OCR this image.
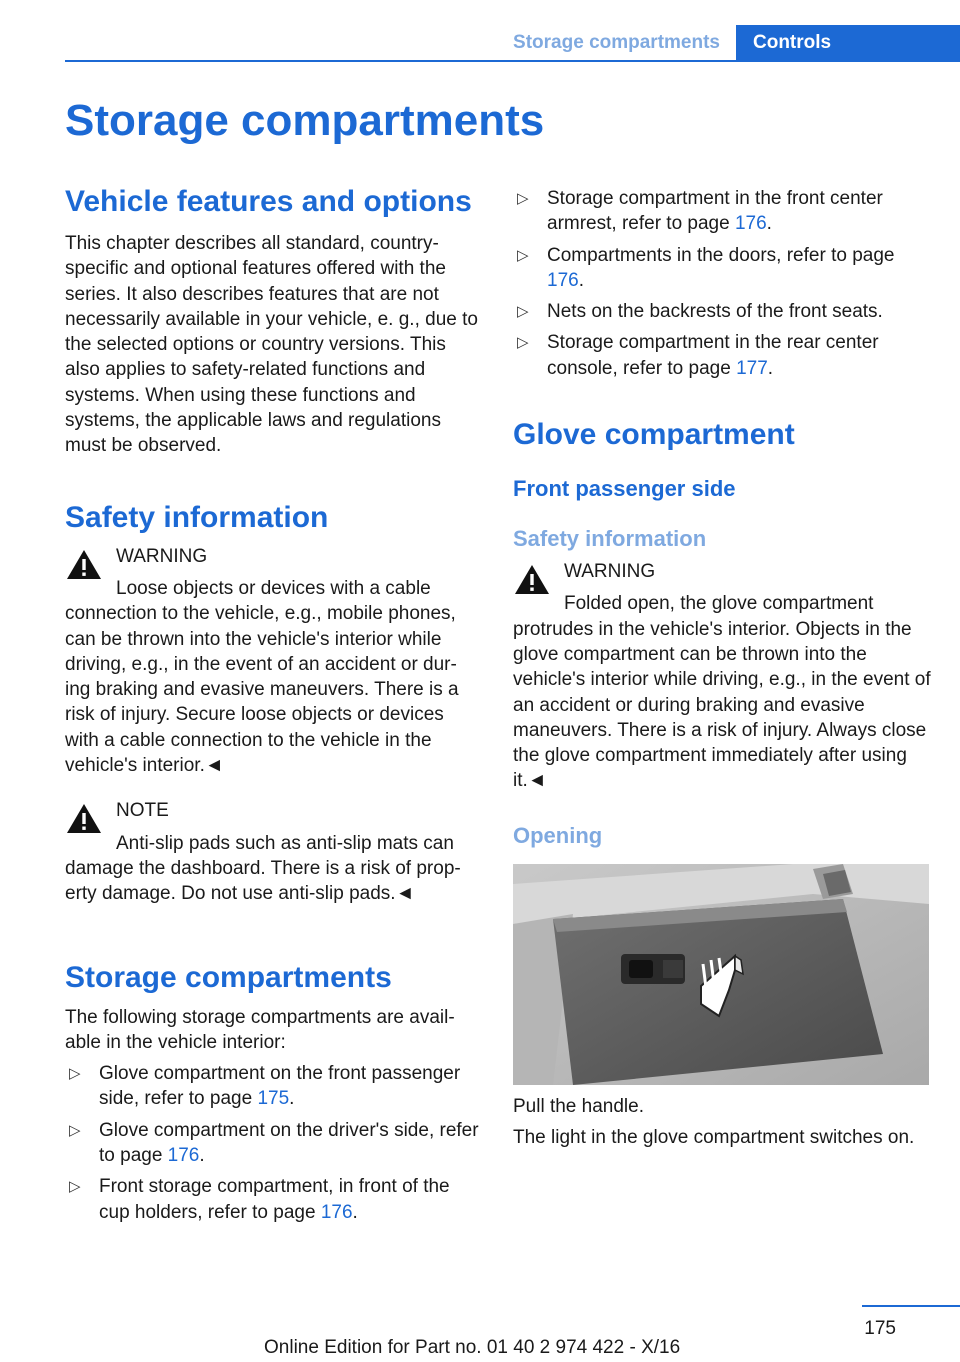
Storage compartments	Controls
Storage compartments
Vehicle features and options

This chapter describes all standard, country-specific and optional features offered with the series. It also describes features that are not necessarily available in your vehicle, e. g., due to the selected options or country versions. This also applies to safety-related functions and systems. When using these functions and systems, the applicable laws and regulations must be observed.

Safety information
WARNING

Loose objects or devices with a cable

connection to the vehicle, e.g., mobile phones, can be thrown into the vehicle's interior while driving, e.g., in the event of an accident or dur-ing braking and evasive maneuvers. There is a risk of injury. Secure loose objects or devices with a cable connection to the vehicle in the vehicle's interior.◄

NOTE

Anti-slip pads such as anti-slip mats can

damage the dashboard. There is a risk of prop-erty damage. Do not use anti-slip pads.◄

Storage compartments

The following storage compartments are avail-able in the vehicle interior:

▷ Glove compartment on the front passenger side, refer to page 175.
▷ Glove compartment on the driver's side, refer to page 176.
▷ Front storage compartment, in front of the cup holders, refer to page 176.
▷ Storage compartment in the front center armrest, refer to page 176.
▷ Compartments in the doors, refer to page 176.
▷ Nets on the backrests of the front seats.
▷ Storage compartment in the rear center console, refer to page 177.
Glove compartment
Front passenger side
Safety information
WARNING

Folded open, the glove compartment

protrudes in the vehicle's interior. Objects in the glove compartment can be thrown into the vehicle's interior while driving, e.g., in the event of an accident or during braking and evasive maneuvers. There is a risk of injury. Always close the glove compartment immediately after using it.◄

Opening

Pull the handle.

The light in the glove compartment switches on.

175
Online Edition for Part no. 01 40 2 974 422 - X/16
